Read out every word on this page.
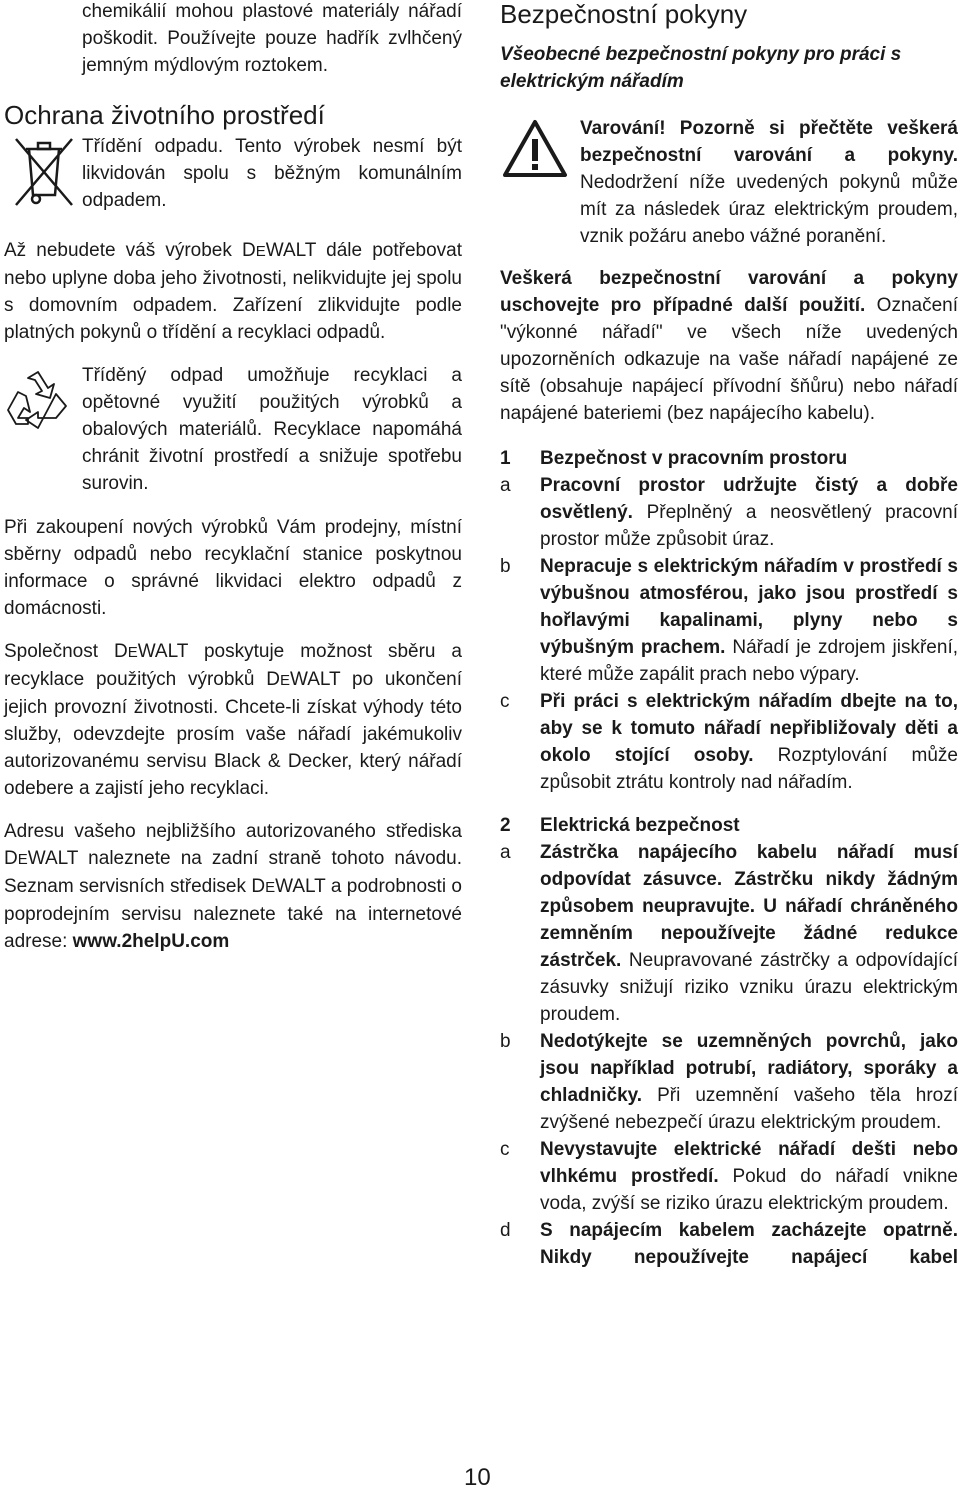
chemikálií mohou plastové materiály nářadí poškodit. Používejte pouze hadřík zvlhčený jemným mýdlovým roztokem.

Ochrana životního prostředí

Třídění odpadu. Tento výrobek nesmí být likvidován spolu s běžným komunálním odpadem.

Až nebudete váš výrobek DEWALT dále potřebovat nebo uplyne doba jeho životnosti, nelikvidujte jej spolu s domovním odpadem. Zařízení zlikvidujte podle platných pokynů o třídění a recyklaci odpadů.

Tříděný odpad umožňuje recyklaci a opětovné využití použitých výrobků a obalových materiálů. Recyklace napomáhá chránit životní prostředí a snižuje spotřebu surovin.

Při zakoupení nových výrobků Vám prodejny, místní sběrny odpadů nebo recyklační stanice poskytnou informace o správné likvidaci elektro odpadů z domácnosti.

Společnost DEWALT poskytuje možnost sběru a recyklace použitých výrobků DEWALT po ukončení jejich provozní životnosti. Chcete-li získat výhody této služby, odevzdejte prosím vaše nářadí jakémukoliv autorizovanému servisu Black & Decker, který nářadí odebere a zajistí jeho recyklaci.

Adresu vašeho nejbližšího autorizovaného střediska DEWALT naleznete na zadní straně tohoto návodu. Seznam servisních středisek DEWALT a podrobnosti o poprodejním servisu naleznete také na internetové adrese: www.2helpU.com

Bezpečnostní pokyny

Všeobecné bezpečnostní pokyny pro práci s elektrickým nářadím

Varování! Pozorně si přečtěte veškerá bezpečnostní varování a pokyny. Nedodržení níže uvedených pokynů může mít za následek úraz elektrickým proudem, vznik požáru anebo vážné poranění.

Veškerá bezpečnostní varování a pokyny uschovejte pro případné další použití. Označení "výkonné nářadí" ve všech níže uvedených upozorněních odkazuje na vaše nářadí napájené ze sítě (obsahuje napájecí přívodní šňůru) nebo nářadí napájené bateriemi (bez napájecího kabelu).

1 Bezpečnost v pracovním prostoru
a Pracovní prostor udržujte čistý a dobře osvětlený. Přeplněný a neosvětlený pracovní prostor může způsobit úraz.

b Nepracuje s elektrickým nářadím v prostředí s výbušnou atmosférou, jako jsou prostředí s hořlavými kapalinami, plyny nebo s výbušným prachem. Nářadí je zdrojem jiskření, které může zapálit prach nebo výpary.

c Při práci s elektrickým nářadím dbejte na to, aby se k tomuto nářadí nepřibližovaly děti a okolo stojící osoby. Rozptylování může způsobit ztrátu kontroly nad nářadím.

2 Elektrická bezpečnost
a Zástrčka napájecího kabelu nářadí musí odpovídat zásuvce. Zástrčku nikdy žádným způsobem neupravujte. U nářadí chráněného zemněním nepoužívejte žádné redukce zástrček. Neupravované zástrčky a odpovídající zásuvky snižují riziko vzniku úrazu elektrickým proudem.

b Nedotýkejte se uzemněných povrchů, jako jsou například potrubí, radiátory, sporáky a chladničky. Při uzemnění vašeho těla hrozí zvýšené nebezpečí úrazu elektrickým proudem.

c Nevystavujte elektrické nářadí dešti nebo vlhkému prostředí. Pokud do nářadí vnikne voda, zvýší se riziko úrazu elektrickým proudem.

d S napájecím kabelem zacházejte opatrně. Nikdy nepoužívejte napájecí kabel

10
